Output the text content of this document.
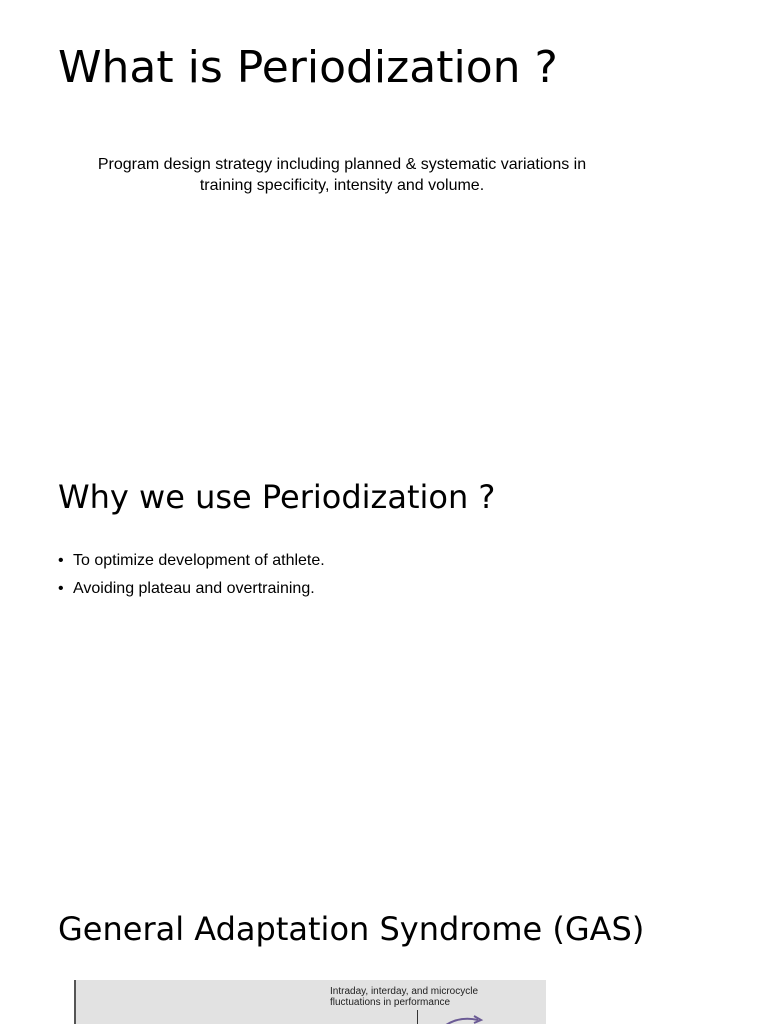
What is Periodization ?

Program design strategy including planned & systematic variations in
training specificity, intensity and volume.

Why we use Periodization ?
• To optimize development of athlete.
• Avoiding plateau and overtraining.
General Adaptation Syndrome (GAS)
Intraday, interday, and microcycle
fluctuations in performance
